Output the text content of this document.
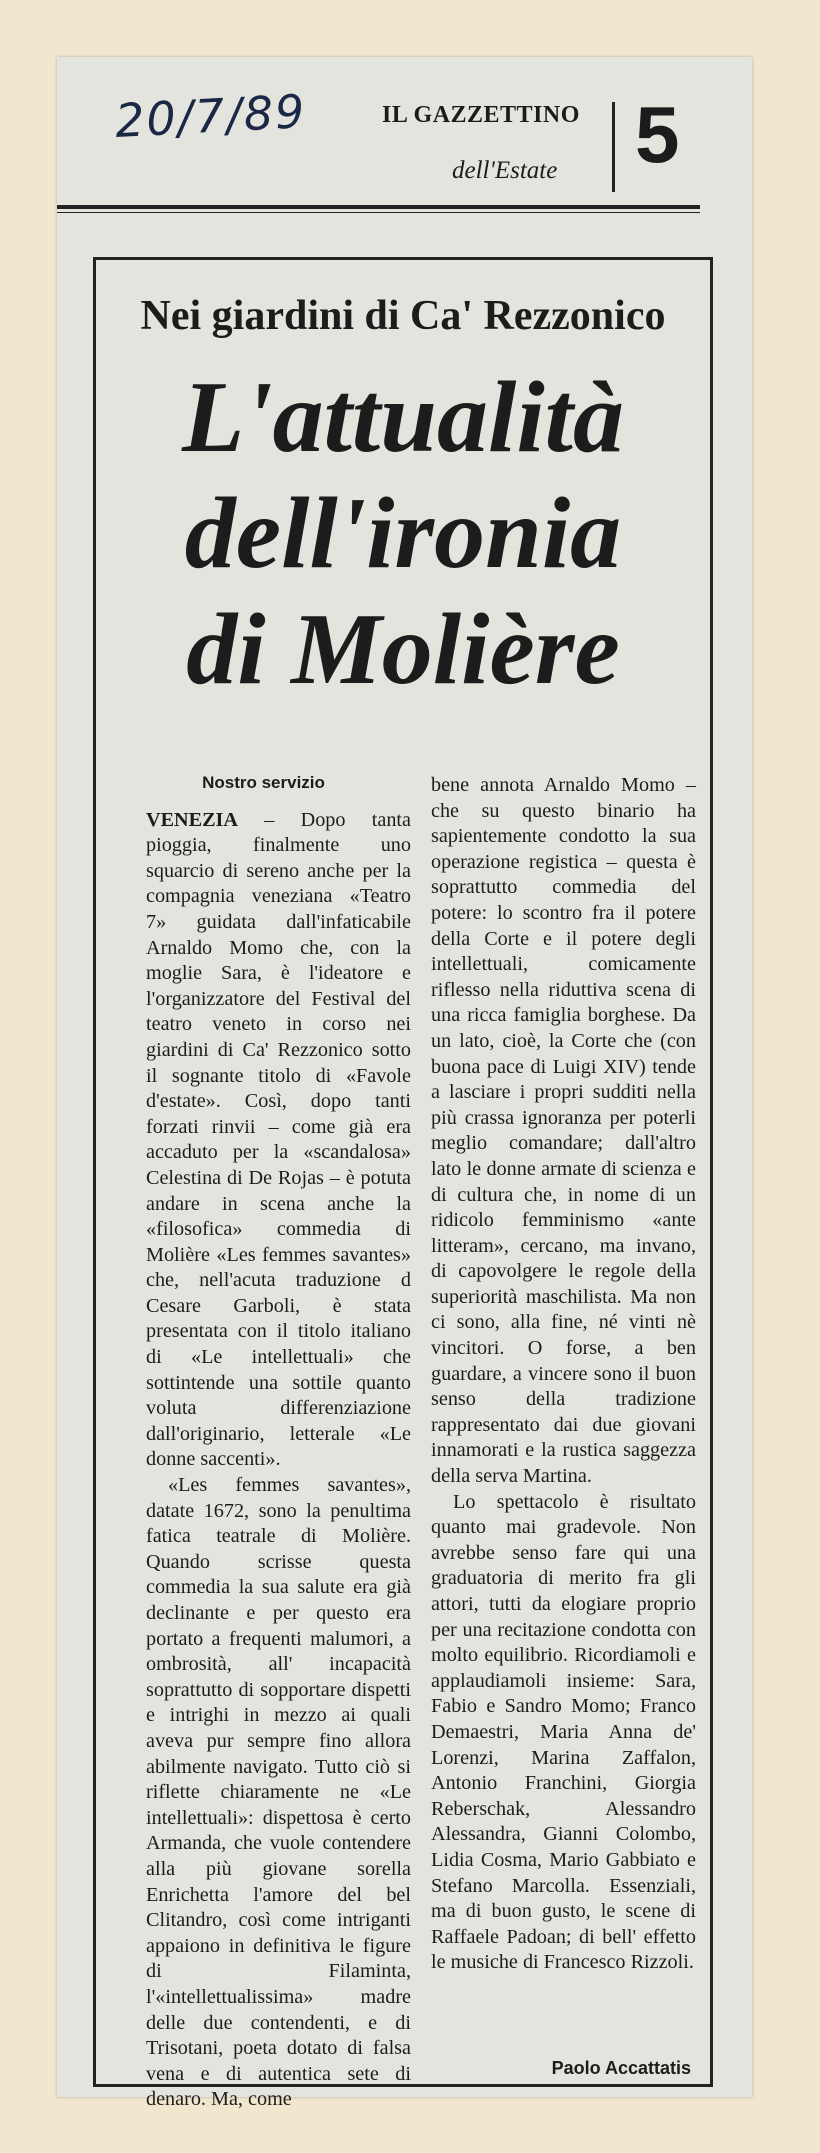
20/7/89	IL GAZZETTINO
dell'Estate 5
Nei giardini di Ca' Rezzonico
L'attualità
dell'ironia
di Molière
Nostro servizio

VENEZIA – Dopo tanta pioggia, finalmente uno squarcio di sereno anche per la compagnia veneziana «Teatro 7» guidata dall'infaticabile Arnaldo Momo che, con la moglie Sara, è l'ideatore e l'organizzatore del Festival del teatro veneto in corso nei giardini di Ca' Rezzonico sotto il sognante titolo di «Favole d'estate». Così, dopo tanti forzati rinvii – come già era accaduto per la «scandalosa» Celestina di De Rojas – è potuta andare in scena anche la «filosofica» commedia di Molière «Les femmes savantes» che, nell'acuta traduzione d Cesare Garboli, è stata presentata con il titolo italiano di «Le intellettuali» che sottintende una sottile quanto voluta differenziazione dall'originario, letterale «Le donne saccenti».

«Les femmes savantes», datate 1672, sono la penultima fatica teatrale di Molière. Quando scrisse questa commedia la sua salute era già declinante e per questo era portato a frequenti malumori, a ombrosità, all' incapacità soprattutto di sopportare dispetti e intrighi in mezzo ai quali aveva pur sempre fino allora abilmente navigato. Tutto ciò si riflette chiaramente ne «Le intellettuali»: dispettosa è certo Armanda, che vuole contendere alla più giovane sorella Enrichetta l'amore del bel Clitandro, così come intriganti appaiono in definitiva le figure di Filaminta, l'«intellettualissima» madre delle due contendenti, e di Trisotani, poeta dotato di falsa vena e di autentica sete di denaro. Ma, come

bene annota Arnaldo Momo – che su questo binario ha sapientemente condotto la sua operazione registica – questa è soprattutto commedia del potere: lo scontro fra il potere della Corte e il potere degli intellettuali, comicamente riflesso nella riduttiva scena di una ricca famiglia borghese. Da un lato, cioè, la Corte che (con buona pace di Luigi XIV) tende a lasciare i propri sudditi nella più crassa ignoranza per poterli meglio comandare; dall'altro lato le donne armate di scienza e di cultura che, in nome di un ridicolo femminismo «ante litteram», cercano, ma invano, di capovolgere le regole della superiorità maschilista. Ma non ci sono, alla fine, né vinti nè vincitori. O forse, a ben guardare, a vincere sono il buon senso della tradizione rappresentato dai due giovani innamorati e la rustica saggezza della serva Martina.

Lo spettacolo è risultato quanto mai gradevole. Non avrebbe senso fare qui una graduatoria di merito fra gli attori, tutti da elogiare proprio per una recitazione condotta con molto equilibrio. Ricordiamoli e applaudiamoli insieme: Sara, Fabio e Sandro Momo; Franco Demaestri, Maria Anna de' Lorenzi, Marina Zaffalon, Antonio Franchini, Giorgia Reberschak, Alessandro Alessandra, Gianni Colombo, Lidia Cosma, Mario Gabbiato e Stefano Marcolla. Essenziali, ma di buon gusto, le scene di Raffaele Padoan; di bell' effetto le musiche di Francesco Rizzoli.

Paolo Accattatis
